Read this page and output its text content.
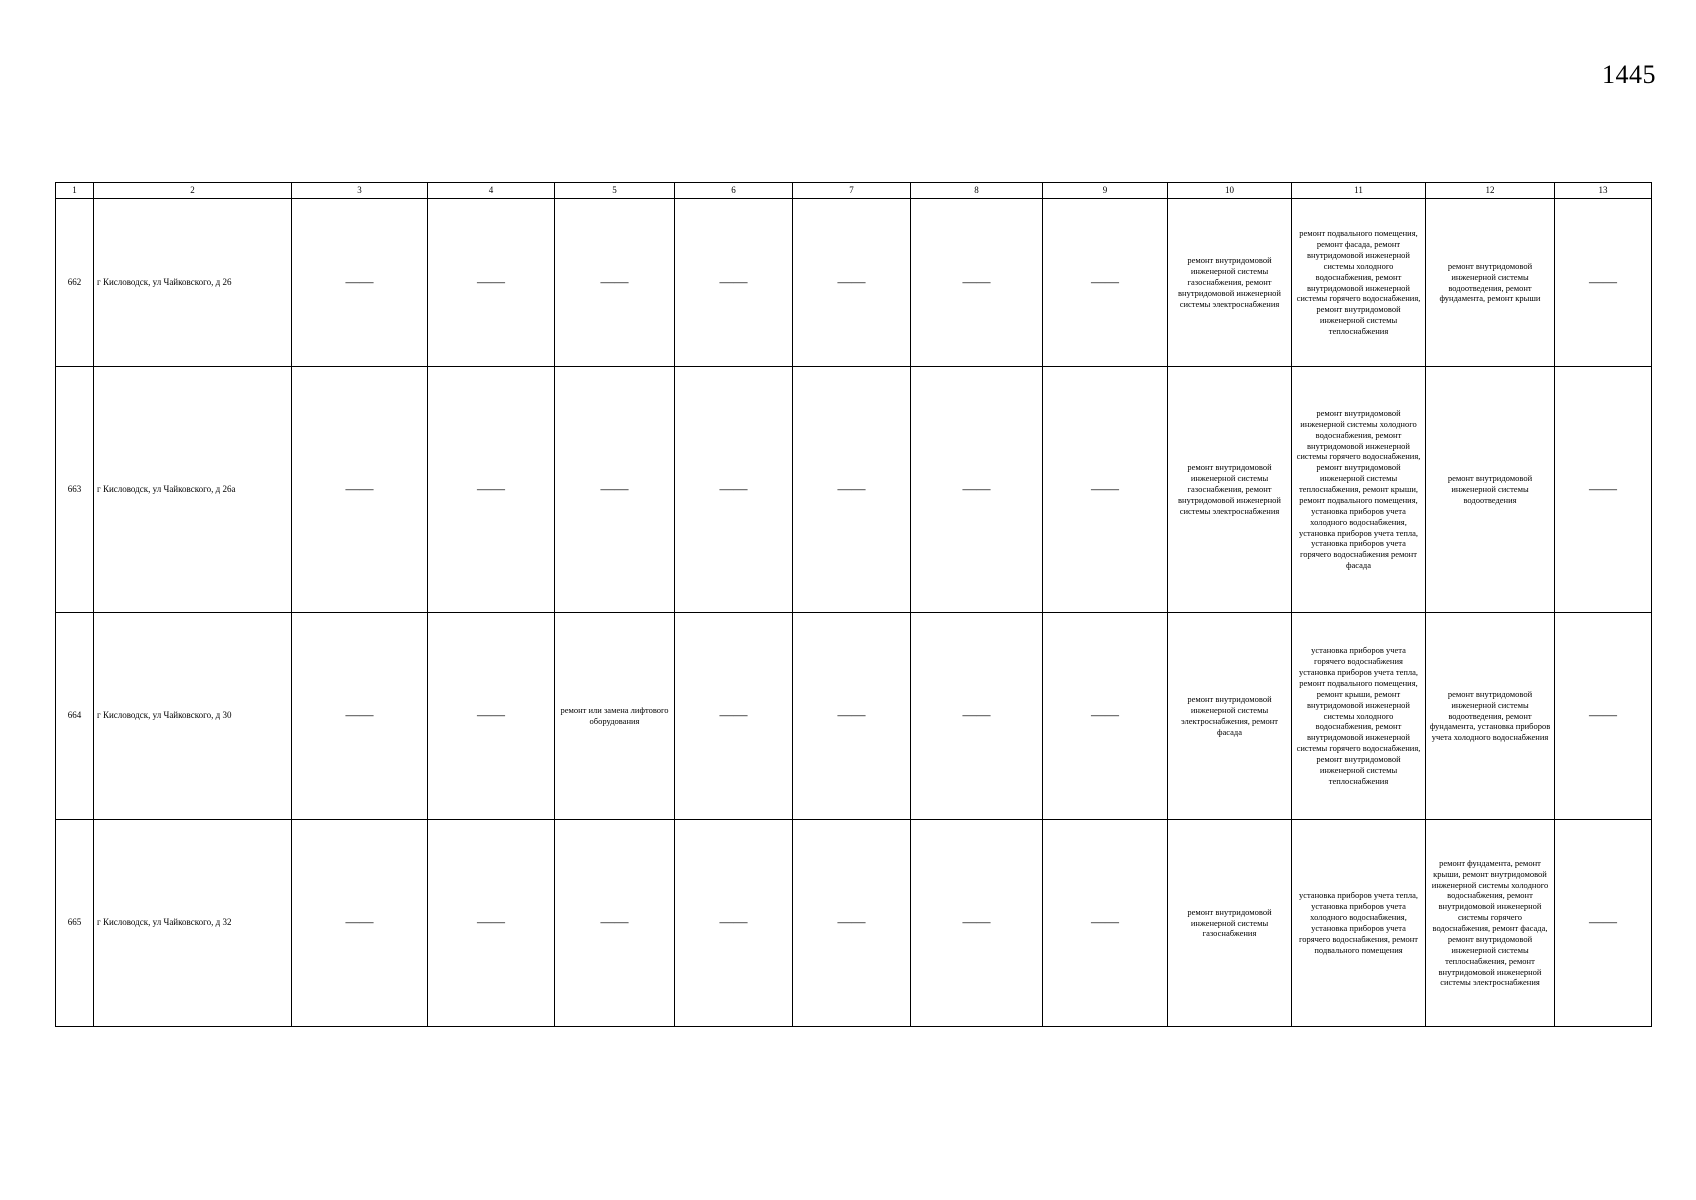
1445
1	2	3	4	5	6	7	8	9	10	11	12	13
662	г Кисловодск, ул Чайковского, д 26	——	——	——	——	——	——	——	ремонт внутридомовой инженерной системы газоснабжения, ремонт внутридомовой инженерной системы электроснабжения	ремонт подвального помещения, ремонт фасада, ремонт внутридомовой инженерной системы холодного водоснабжения, ремонт внутридомовой инженерной системы горячего водоснабжения, ремонт внутридомовой инженерной системы теплоснабжения	ремонт внутридомовой инженерной системы водоотведения, ремонт фундамента, ремонт крыши	——
663	г Кисловодск, ул Чайковского, д 26а	——	——	——	——	——	——	——	ремонт внутридомовой инженерной системы газоснабжения, ремонт внутридомовой инженерной системы электроснабжения	ремонт внутридомовой инженерной системы холодного водоснабжения, ремонт внутридомовой инженерной системы горячего водоснабжения, ремонт внутридомовой инженерной системы теплоснабжения, ремонт крыши, ремонт подвального помещения, установка приборов учета холодного водоснабжения, установка приборов учета тепла, установка приборов учета горячего водоснабжения ремонт фасада	ремонт внутридомовой инженерной системы водоотведения	——
664	г Кисловодск, ул Чайковского, д 30	——	——	ремонт или замена лифтового оборудования	——	——	——	——	ремонт внутридомовой инженерной системы электроснабжения, ремонт фасада	установка приборов учета горячего водоснабжения установка приборов учета тепла, ремонт подвального помещения, ремонт крыши, ремонт внутридомовой инженерной системы холодного водоснабжения, ремонт внутридомовой инженерной системы горячего водоснабжения, ремонт внутридомовой инженерной системы теплоснабжения	ремонт внутридомовой инженерной системы водоотведения, ремонт фундамента, установка приборов учета холодного водоснабжения	——
665	г Кисловодск, ул Чайковского, д 32	——	——	——	——	——	——	——	ремонт внутридомовой инженерной системы газоснабжения	установка приборов учета тепла, установка приборов учета холодного водоснабжения, установка приборов учета горячего водоснабжения, ремонт подвального помещения	ремонт фундамента, ремонт крыши, ремонт внутридомовой инженерной системы холодного водоснабжения, ремонт внутридомовой инженерной системы горячего водоснабжения, ремонт фасада, ремонт внутридомовой инженерной системы теплоснабжения, ремонт внутридомовой инженерной системы электроснабжения	——
